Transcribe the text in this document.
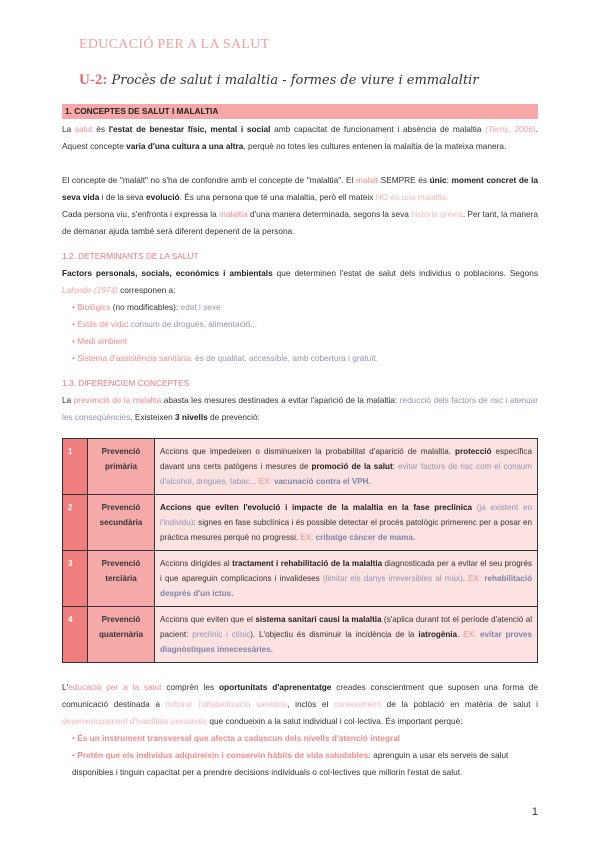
EDUCACIÓ PER A LA SALUT
U-2: Procès de salut i malaltia - formes de viure i emmalaltir
1. CONCEPTES DE SALUT I MALALTIA

La salut és l'estat de benestar físic, mental i social amb capacitat de funcionament i absència de malaltia (Terris, 2006). Aquest concepte varia d'una cultura a una altra, perquè no totes les cultures entenen la malaltia de la mateixa manera.

El concepte de "malalt" no s'ha de confondre amb el concepte de "malaltia". El malalt SEMPRE és únic: moment concret de la seva vida i de la seva evolució. És una persona que té una malaltia, però ell mateix NO és una malaltia.

Cada persona viu, s'enfronta i expressa la malaltia d'una manera determinada, segons la seva història prèvia. Per tant, la manera de demanar ajuda també serà diferent depenent de la persona.

1.2. DETERMINANTS DE LA SALUT

Factors personals, socials, econòmics i ambientals que determinen l'estat de salut dels individus o poblacions. Segons Lalonde (1974) corresponen a:

• Biològics (no modificables): edat i sexe
• Estils de vida: consum de drogues, alimentació...
• Medi ambient
• Sistema d'assistència sanitària: és de qualitat, accessible, amb cobertura i gratuït.

1.3. DIFERENCIEM CONCEPTES

La prevenció de la malaltia abasta les mesures destinades a evitar l'aparició de la malaltia: reducció dels factors de risc i atenuar les conseqüències. Existeixen 3 nivells de prevenció:

1	Prevenció primària	Accions que impedeixen o disminueixen la probabilitat d'aparició de malaltia. protecció específica davant uns certs patògens i mesures de promoció de la salut: evitar factors de risc com el consum d'alcohol, drogues, tabac... EX: vacunació contra el VPH.
2	Prevenció secundària	Accions que eviten l'evolució i impacte de la malaltia en la fase preclínica (ja existent en l'individu): signes en fase subclínica i és possible detectar el procés patològic primerenc per a posar en pràctica mesures perquè no progressi. EX: cribatge càncer de mama.
3	Prevenció terciària	Accions dirigides al tractament i rehabilitació de la malaltia diagnosticada per a evitar el seu progrés i que apareguin complicacions i invalideses (limitar els danys irreversibles al màx). EX: rehabilitació després d'un ictus.
4	Prevenció quaternària	Accions que eviten que el sistema sanitari causi la malaltia (s'aplica durant tot el període d'atenció al pacient: preclínic i clínic). L'objectiu és disminuir la incidència de la iatrogènia. EX: evitar proves diagnòstiques innecessàries.

L'educació per a la salut comprèn les oportunitats d'aprenentatge creades conscientment que suposen una forma de comunicació destinada a millorar l'alfabetització sanitària, inclòs el coneixement de la població en matèria de salut i desenvolupament d'habilitats personals que condueixin a la salut individual i col·lectiva. És important perquè:

• És un instrument transversal que afecta a cadascun dels nivells d'atenció integral
• Pretén que els individus adquireixin i conservin hàbits de vida saludables: aprenguin a usar els serveis de salut disponibles i tinguin capacitat per a prendre decisions individuals o col·lectives que millorin l'estat de salut.
1
